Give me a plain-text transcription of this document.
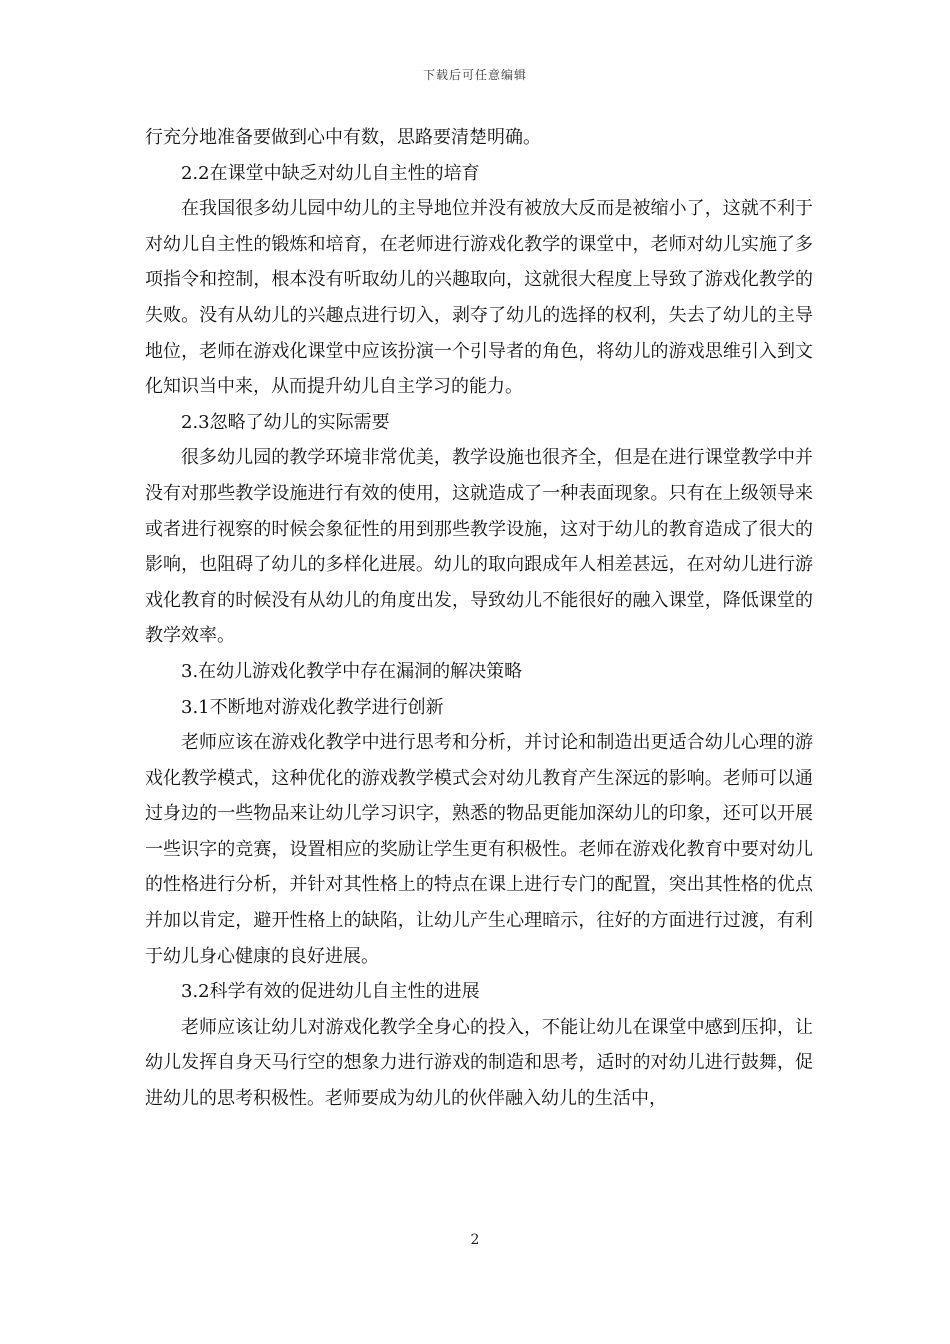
下载后可任意编辑

行充分地准备要做到心中有数，思路要清楚明确。

2.2在课堂中缺乏对幼儿自主性的培育

在我国很多幼儿园中幼儿的主导地位并没有被放大反而是被缩小了，这就不利于对幼儿自主性的锻炼和培育，在老师进行游戏化教学的课堂中，老师对幼儿实施了多项指令和控制，根本没有听取幼儿的兴趣取向，这就很大程度上导致了游戏化教学的失败。没有从幼儿的兴趣点进行切入，剥夺了幼儿的选择的权利，失去了幼儿的主导地位，老师在游戏化课堂中应该扮演一个引导者的角色，将幼儿的游戏思维引入到文化知识当中来，从而提升幼儿自主学习的能力。

2.3忽略了幼儿的实际需要

很多幼儿园的教学环境非常优美，教学设施也很齐全，但是在进行课堂教学中并没有对那些教学设施进行有效的使用，这就造成了一种表面现象。只有在上级领导来或者进行视察的时候会象征性的用到那些教学设施，这对于幼儿的教育造成了很大的影响，也阻碍了幼儿的多样化进展。幼儿的取向跟成年人相差甚远，在对幼儿进行游戏化教育的时候没有从幼儿的角度出发，导致幼儿不能很好的融入课堂，降低课堂的教学效率。

3.在幼儿游戏化教学中存在漏洞的解决策略

3.1不断地对游戏化教学进行创新

老师应该在游戏化教学中进行思考和分析，并讨论和制造出更适合幼儿心理的游戏化教学模式，这种优化的游戏教学模式会对幼儿教育产生深远的影响。老师可以通过身边的一些物品来让幼儿学习识字，熟悉的物品更能加深幼儿的印象，还可以开展一些识字的竞赛，设置相应的奖励让学生更有积极性。老师在游戏化教育中要对幼儿的性格进行分析，并针对其性格上的特点在课上进行专门的配置，突出其性格的优点并加以肯定，避开性格上的缺陷，让幼儿产生心理暗示，往好的方面进行过渡，有利于幼儿身心健康的良好进展。

3.2科学有效的促进幼儿自主性的进展

老师应该让幼儿对游戏化教学全身心的投入，不能让幼儿在课堂中感到压抑，让幼儿发挥自身天马行空的想象力进行游戏的制造和思考，适时的对幼儿进行鼓舞，促进幼儿的思考积极性。老师要成为幼儿的伙伴融入幼儿的生活中，

2
